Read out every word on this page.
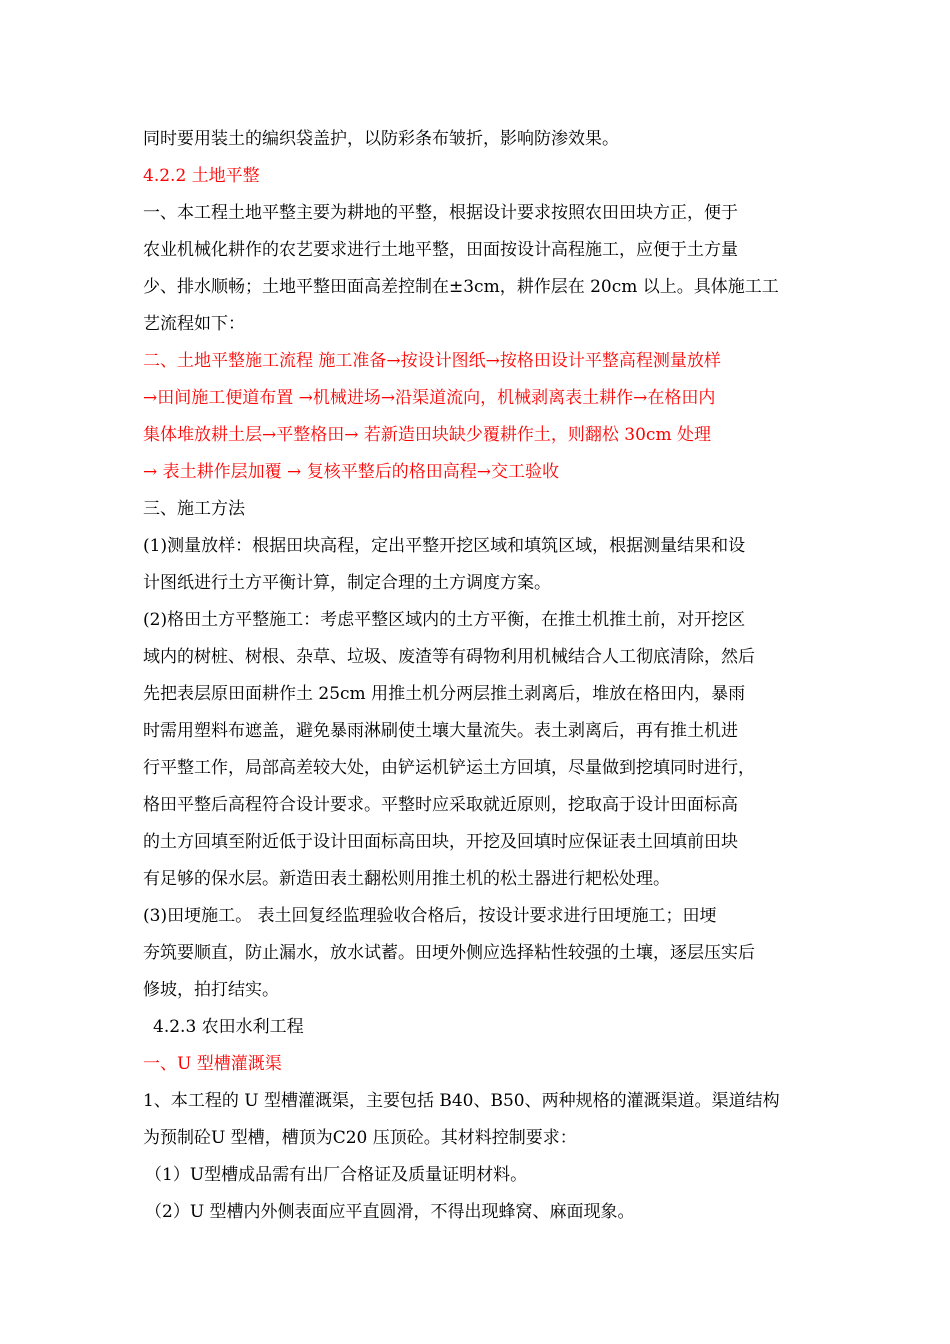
同时要用装土的编织袋盖护，以防彩条布皱折，影响防渗效果。
4.2.2 土地平整
一、本工程土地平整主要为耕地的平整，根据设计要求按照农田田块方正，便于
农业机械化耕作的农艺要求进行土地平整，田面按设计高程施工，应便于土方量
少、排水顺畅；土地平整田面高差控制在±3cm，耕作层在 20cm 以上。具体施工工
艺流程如下：
二、土地平整施工流程 施工准备→按设计图纸→按格田设计平整高程测量放样
→田间施工便道布置 →机械进场→沿渠道流向，机械剥离表土耕作→在格田内
集体堆放耕土层→平整格田→ 若新造田块缺少覆耕作土，则翻松 30cm 处理
→ 表土耕作层加覆 → 复核平整后的格田高程→交工验收
三、施工方法
(1)测量放样：根据田块高程，定出平整开挖区域和填筑区域，根据测量结果和设
计图纸进行土方平衡计算，制定合理的土方调度方案。
(2)格田土方平整施工：考虑平整区域内的土方平衡，在推土机推土前，对开挖区
域内的树桩、树根、杂草、垃圾、废渣等有碍物利用机械结合人工彻底清除，然后
先把表层原田面耕作土 25cm 用推土机分两层推土剥离后，堆放在格田内，暴雨
时需用塑料布遮盖，避免暴雨淋刷使土壤大量流失。表土剥离后，再有推土机进
行平整工作，局部高差较大处，由铲运机铲运土方回填，尽量做到挖填同时进行，
格田平整后高程符合设计要求。平整时应采取就近原则，挖取高于设计田面标高
的土方回填至附近低于设计田面标高田块，开挖及回填时应保证表土回填前田块
有足够的保水层。新造田表土翻松则用推土机的松土器进行耙松处理。
(3)田埂施工。 表土回复经监理验收合格后，按设计要求进行田埂施工；田埂
夯筑要顺直，防止漏水，放水试蓄。田埂外侧应选择粘性较强的土壤，逐层压实后
修坡，拍打结实。
4.2.3 农田水利工程
一、U 型槽灌溉渠
1、本工程的 U 型槽灌溉渠，主要包括 B40、B50、两种规格的灌溉渠道。渠道结构
为预制砼U 型槽，槽顶为C20 压顶砼。其材料控制要求：
（1）U型槽成品需有出厂合格证及质量证明材料。
（2）U 型槽内外侧表面应平直圆滑，不得出现蜂窝、麻面现象。
